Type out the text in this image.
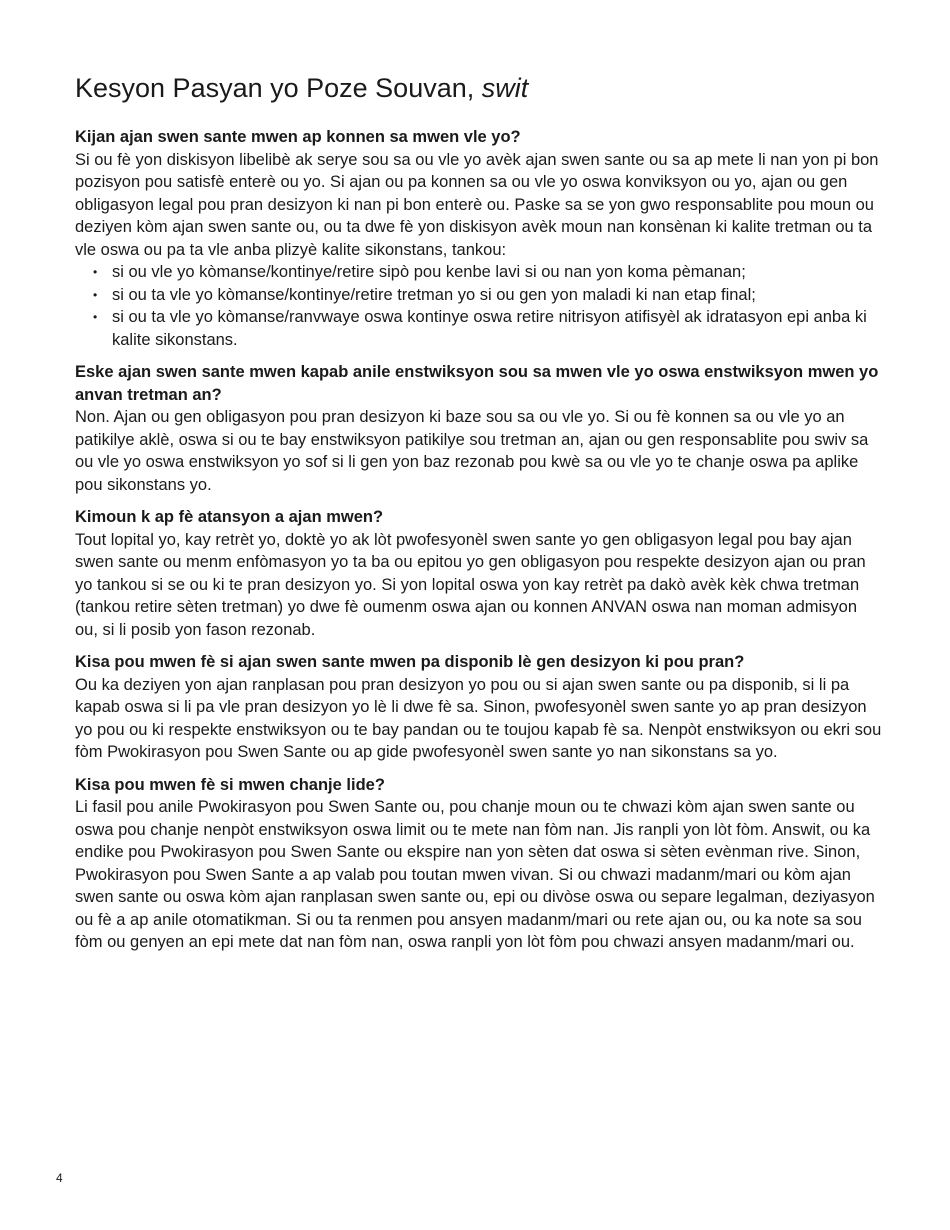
Kesyon Pasyan yo Poze Souvan, swit

Kijan ajan swen sante mwen ap konnen sa mwen vle yo?

Si ou fè yon diskisyon libelibè ak serye sou sa ou vle yo avèk ajan swen sante ou sa ap mete li nan yon pi bon pozisyon pou satisfè enterè ou yo. Si ajan ou pa konnen sa ou vle yo oswa konviksyon ou yo, ajan ou gen obligasyon legal pou pran desizyon ki nan pi bon enterè ou. Paske sa se yon gwo responsablite pou moun ou deziyen kòm ajan swen sante ou, ou ta dwe fè yon diskisyon avèk moun nan konsènan ki kalite tretman ou ta vle oswa ou pa ta vle anba plizyè kalite sikonstans, tankou:

• si ou vle yo kòmanse/kontinye/retire sipò pou kenbe lavi si ou nan yon koma pèmanan;
• si ou ta vle yo kòmanse/kontinye/retire tretman yo si ou gen yon maladi ki nan etap final;
• si ou ta vle yo kòmanse/ranvwaye oswa kontinye oswa retire nitrisyon atifisyèl ak idratasyon epi anba ki kalite sikonstans.

Eske ajan swen sante mwen kapab anile enstwiksyon sou sa mwen vle yo oswa enstwiksyon mwen yo anvan tretman an?

Non. Ajan ou gen obligasyon pou pran desizyon ki baze sou sa ou vle yo. Si ou fè konnen sa ou vle yo an patikilye aklè, oswa si ou te bay enstwiksyon patikilye sou tretman an, ajan ou gen responsablite pou swiv sa ou vle yo oswa enstwiksyon yo sof si li gen yon baz rezonab pou kwè sa ou vle yo te chanje oswa pa aplike pou sikonstans yo.

Kimoun k ap fè atansyon a ajan mwen?

Tout lopital yo, kay retrèt yo, doktè yo ak lòt pwofesyonèl swen sante yo gen obligasyon legal pou bay ajan swen sante ou menm enfòmasyon yo ta ba ou epitou yo gen obligasyon pou respekte desizyon ajan ou pran yo tankou si se ou ki te pran desizyon yo. Si yon lopital oswa yon kay retrèt pa dakò avèk kèk chwa tretman (tankou retire sèten tretman) yo dwe fè oumenm oswa ajan ou konnen ANVAN oswa nan moman admisyon ou, si li posib yon fason rezonab.

Kisa pou mwen fè si ajan swen sante mwen pa disponib lè gen desizyon ki pou pran?

Ou ka deziyen yon ajan ranplasan pou pran desizyon yo pou ou si ajan swen sante ou pa disponib, si li pa kapab oswa si li pa vle pran desizyon yo lè li dwe fè sa. Sinon, pwofesyonèl swen sante yo ap pran desizyon yo pou ou ki respekte enstwiksyon ou te bay pandan ou te toujou kapab fè sa. Nenpòt enstwiksyon ou ekri sou fòm Pwokirasyon pou Swen Sante ou ap gide pwofesyonèl swen sante yo nan sikonstans sa yo.

Kisa pou mwen fè si mwen chanje lide?

Li fasil pou anile Pwokirasyon pou Swen Sante ou, pou chanje moun ou te chwazi kòm ajan swen sante ou oswa pou chanje nenpòt enstwiksyon oswa limit ou te mete nan fòm nan. Jis ranpli yon lòt fòm. Answit, ou ka endike pou Pwokirasyon pou Swen Sante ou ekspire nan yon sèten dat oswa si sèten evènman rive. Sinon, Pwokirasyon pou Swen Sante a ap valab pou toutan mwen vivan. Si ou chwazi madanm/mari ou kòm ajan swen sante ou oswa kòm ajan ranplasan swen sante ou, epi ou divòse oswa ou separe legalman, deziyasyon ou fè a ap anile otomatikman. Si ou ta renmen pou ansyen madanm/mari ou rete ajan ou, ou ka note sa sou fòm ou genyen an epi mete dat nan fòm nan, oswa ranpli yon lòt fòm pou chwazi ansyen madanm/mari ou.

4
